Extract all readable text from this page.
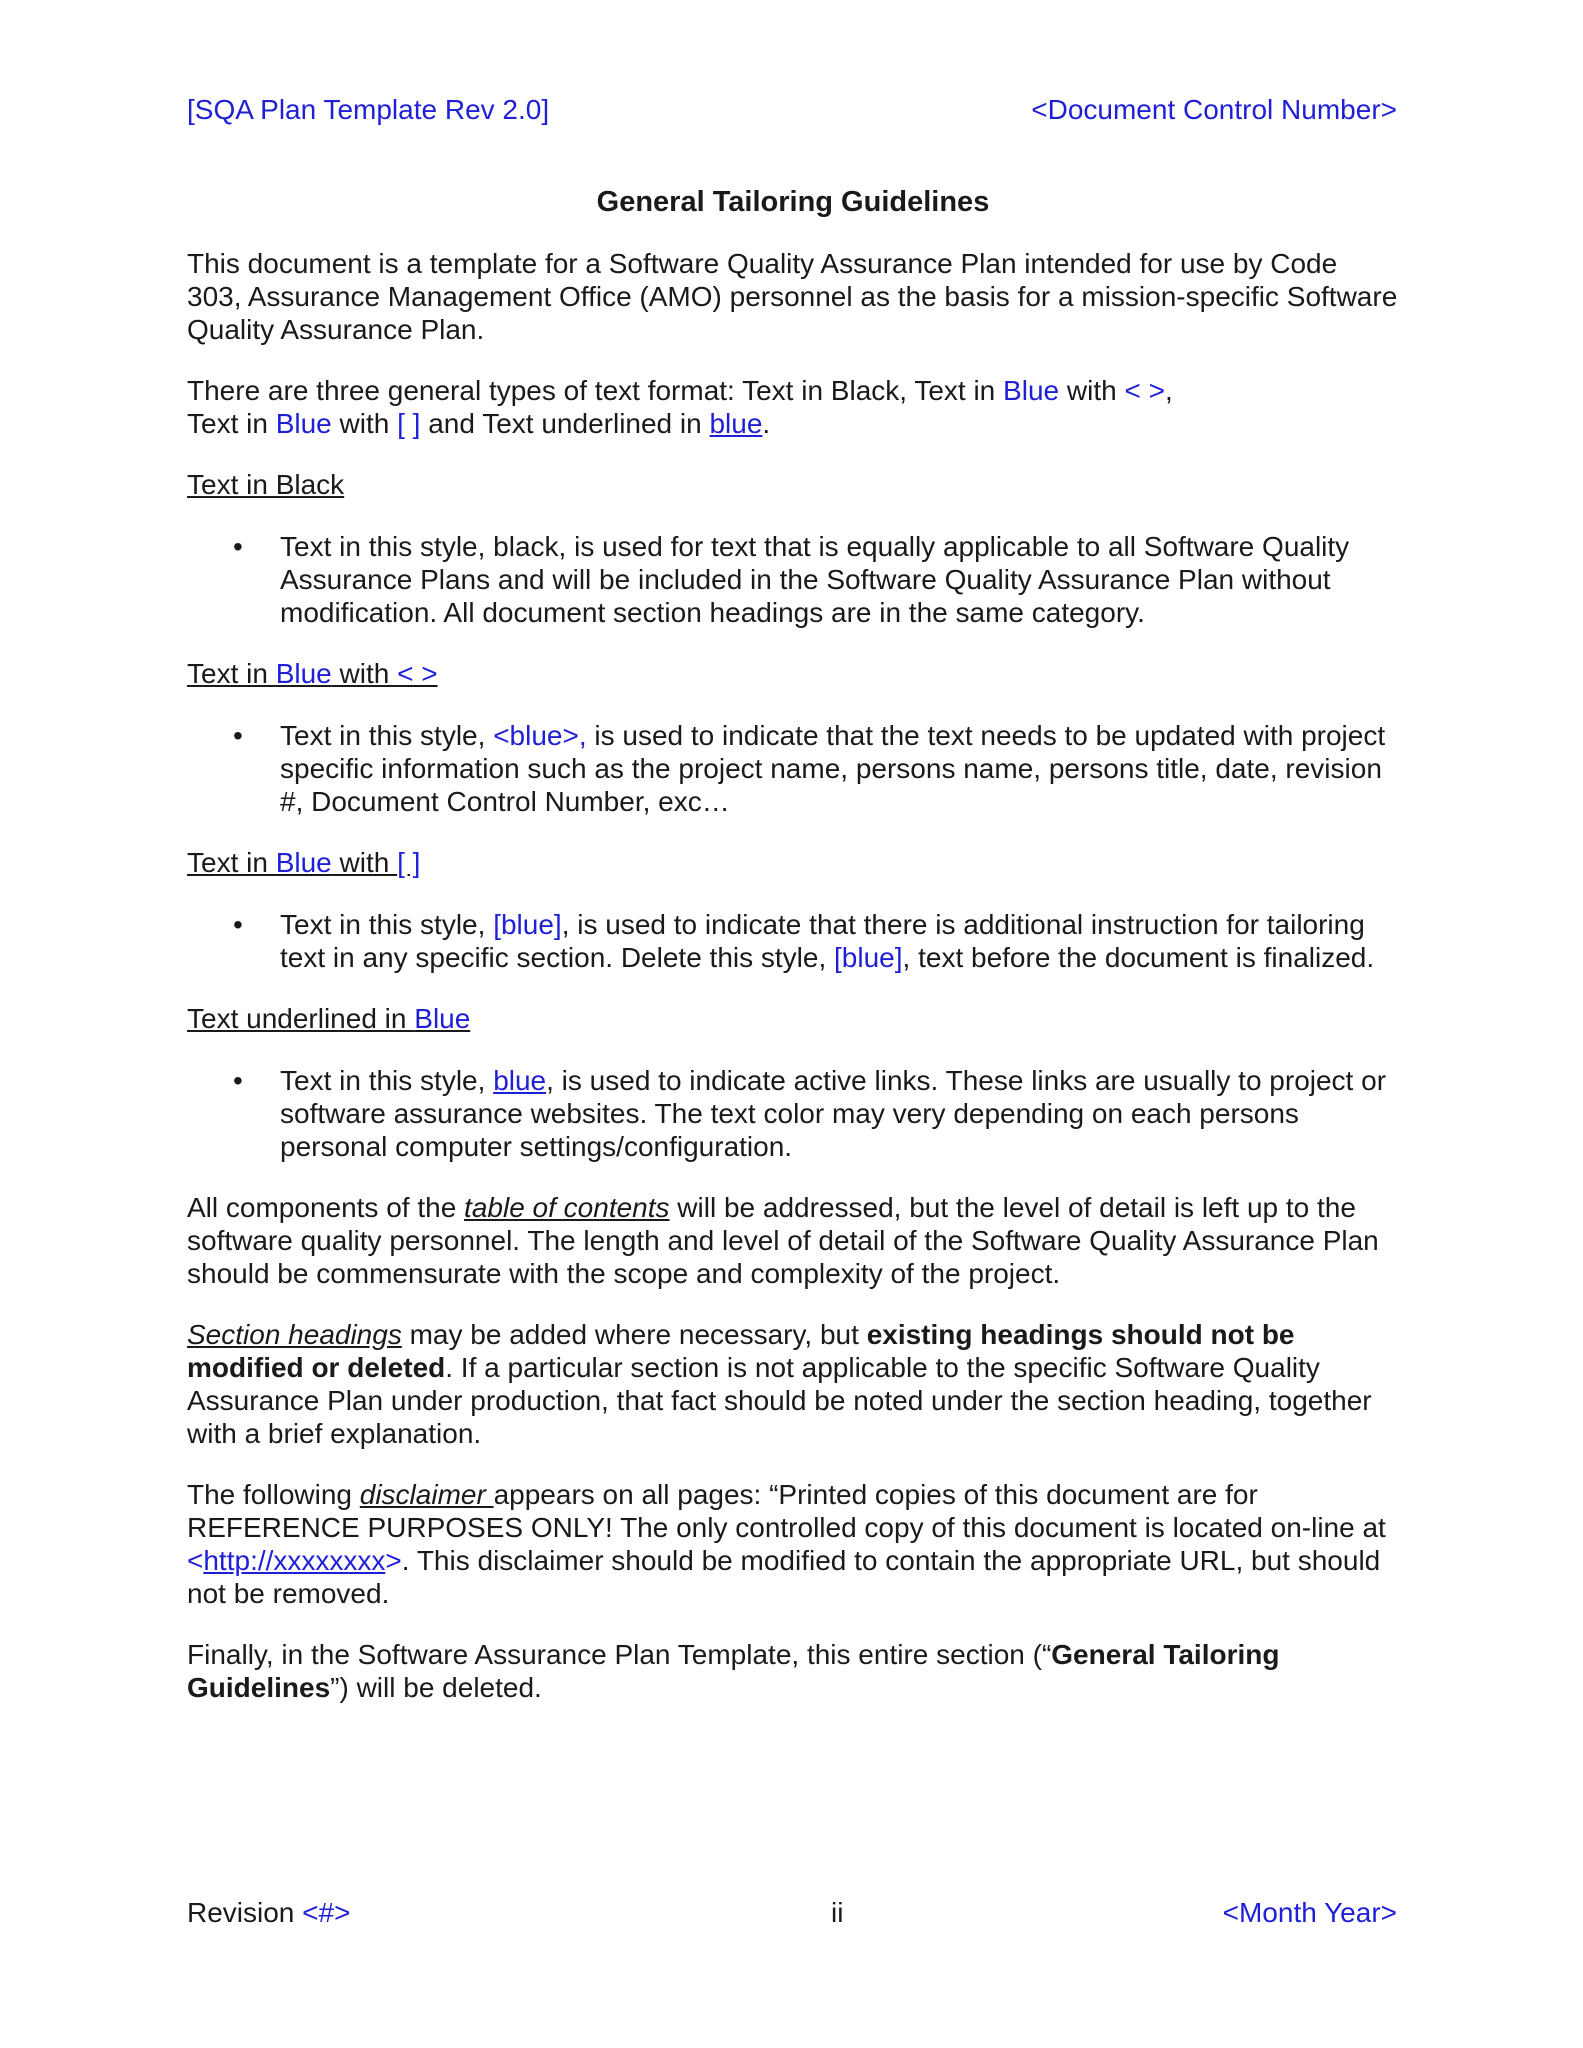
[SQA Plan Template Rev 2.0]	<Document Control Number>
General Tailoring Guidelines

This document is a template for a Software Quality Assurance Plan intended for use by Code 303, Assurance Management Office (AMO) personnel as the basis for a mission-specific Software Quality Assurance Plan.

There are three general types of text format: Text in Black, Text in Blue with < >,
Text in Blue with [ ] and Text underlined in blue.

Text in Black
• Text in this style, black, is used for text that is equally applicable to all Software Quality Assurance Plans and will be included in the Software Quality Assurance Plan without modification. All document section headings are in the same category.
Text in Blue with < >
• Text in this style, <blue>, is used to indicate that the text needs to be updated with project specific information such as the project name, persons name, persons title, date, revision #, Document Control Number, exc…
Text in Blue with [ ]
• Text in this style, [blue], is used to indicate that there is additional instruction for tailoring text in any specific section. Delete this style, [blue], text before the document is finalized.
Text underlined in Blue
• Text in this style, blue, is used to indicate active links. These links are usually to project or software assurance websites. The text color may very depending on each persons personal computer settings/configuration.

All components of the table of contents will be addressed, but the level of detail is left up to the software quality personnel. The length and level of detail of the Software Quality Assurance Plan should be commensurate with the scope and complexity of the project.

Section headings may be added where necessary, but existing headings should not be modified or deleted. If a particular section is not applicable to the specific Software Quality Assurance Plan under production, that fact should be noted under the section heading, together with a brief explanation.

The following disclaimer appears on all pages: “Printed copies of this document are for REFERENCE PURPOSES ONLY! The only controlled copy of this document is located on-line at <http://xxxxxxxx>. This disclaimer should be modified to contain the appropriate URL, but should not be removed.

Finally, in the Software Assurance Plan Template, this entire section (“General Tailoring Guidelines”) will be deleted.

Revision <#>	ii	<Month Year>
